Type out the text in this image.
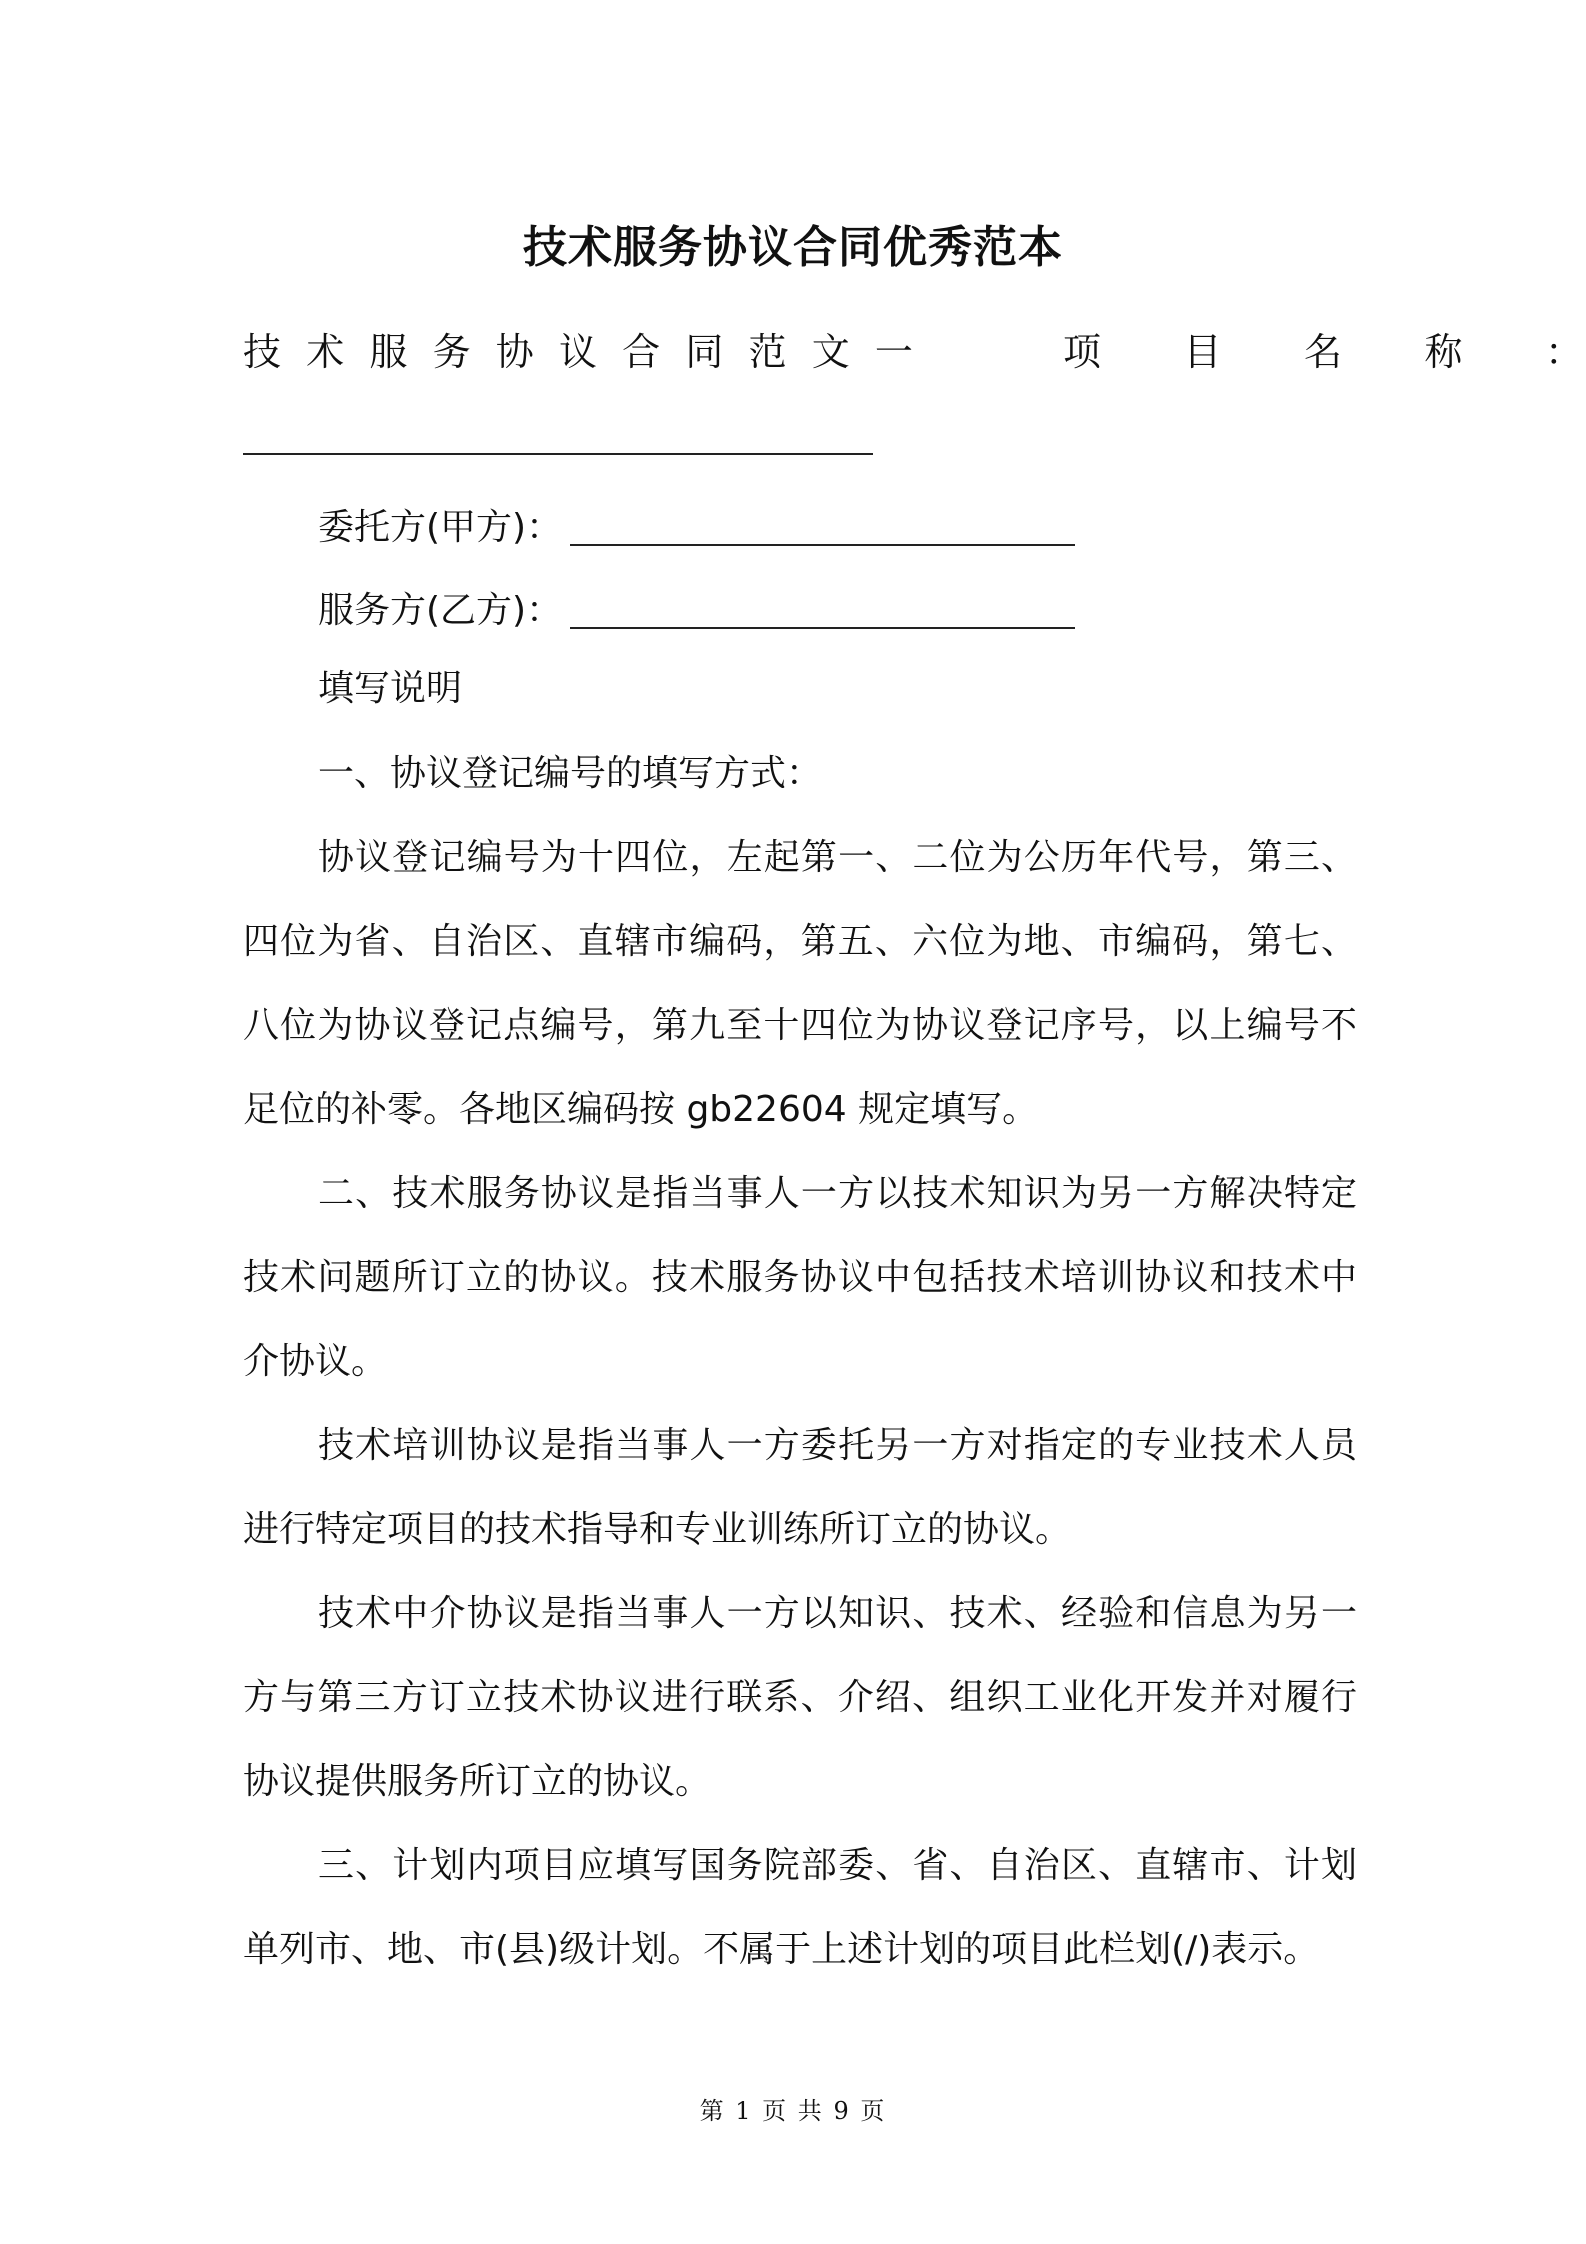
技术服务协议合同优秀范本
技 术 服 务 协 议 合 同 范 文 一	项 目 名 称 ：
委托方(甲方)：
服务方(乙方)：

填写说明

一、协议登记编号的填写方式：

协议登记编号为十四位，左起第一、二位为公历年代号，第三、四位为省、自治区、直辖市编码，第五、六位为地、市编码，第七、八位为协议登记点编号，第九至十四位为协议登记序号，以上编号不足位的补零。各地区编码按 gb22604 规定填写。

二、技术服务协议是指当事人一方以技术知识为另一方解决特定技术问题所订立的协议。技术服务协议中包括技术培训协议和技术中介协议。

技术培训协议是指当事人一方委托另一方对指定的专业技术人员进行特定项目的技术指导和专业训练所订立的协议。

技术中介协议是指当事人一方以知识、技术、经验和信息为另一方与第三方订立技术协议进行联系、介绍、组织工业化开发并对履行协议提供服务所订立的协议。

三、计划内项目应填写国务院部委、省、自治区、直辖市、计划单列市、地、市(县)级计划。不属于上述计划的项目此栏划(/)表示。

第 1 页 共 9 页
